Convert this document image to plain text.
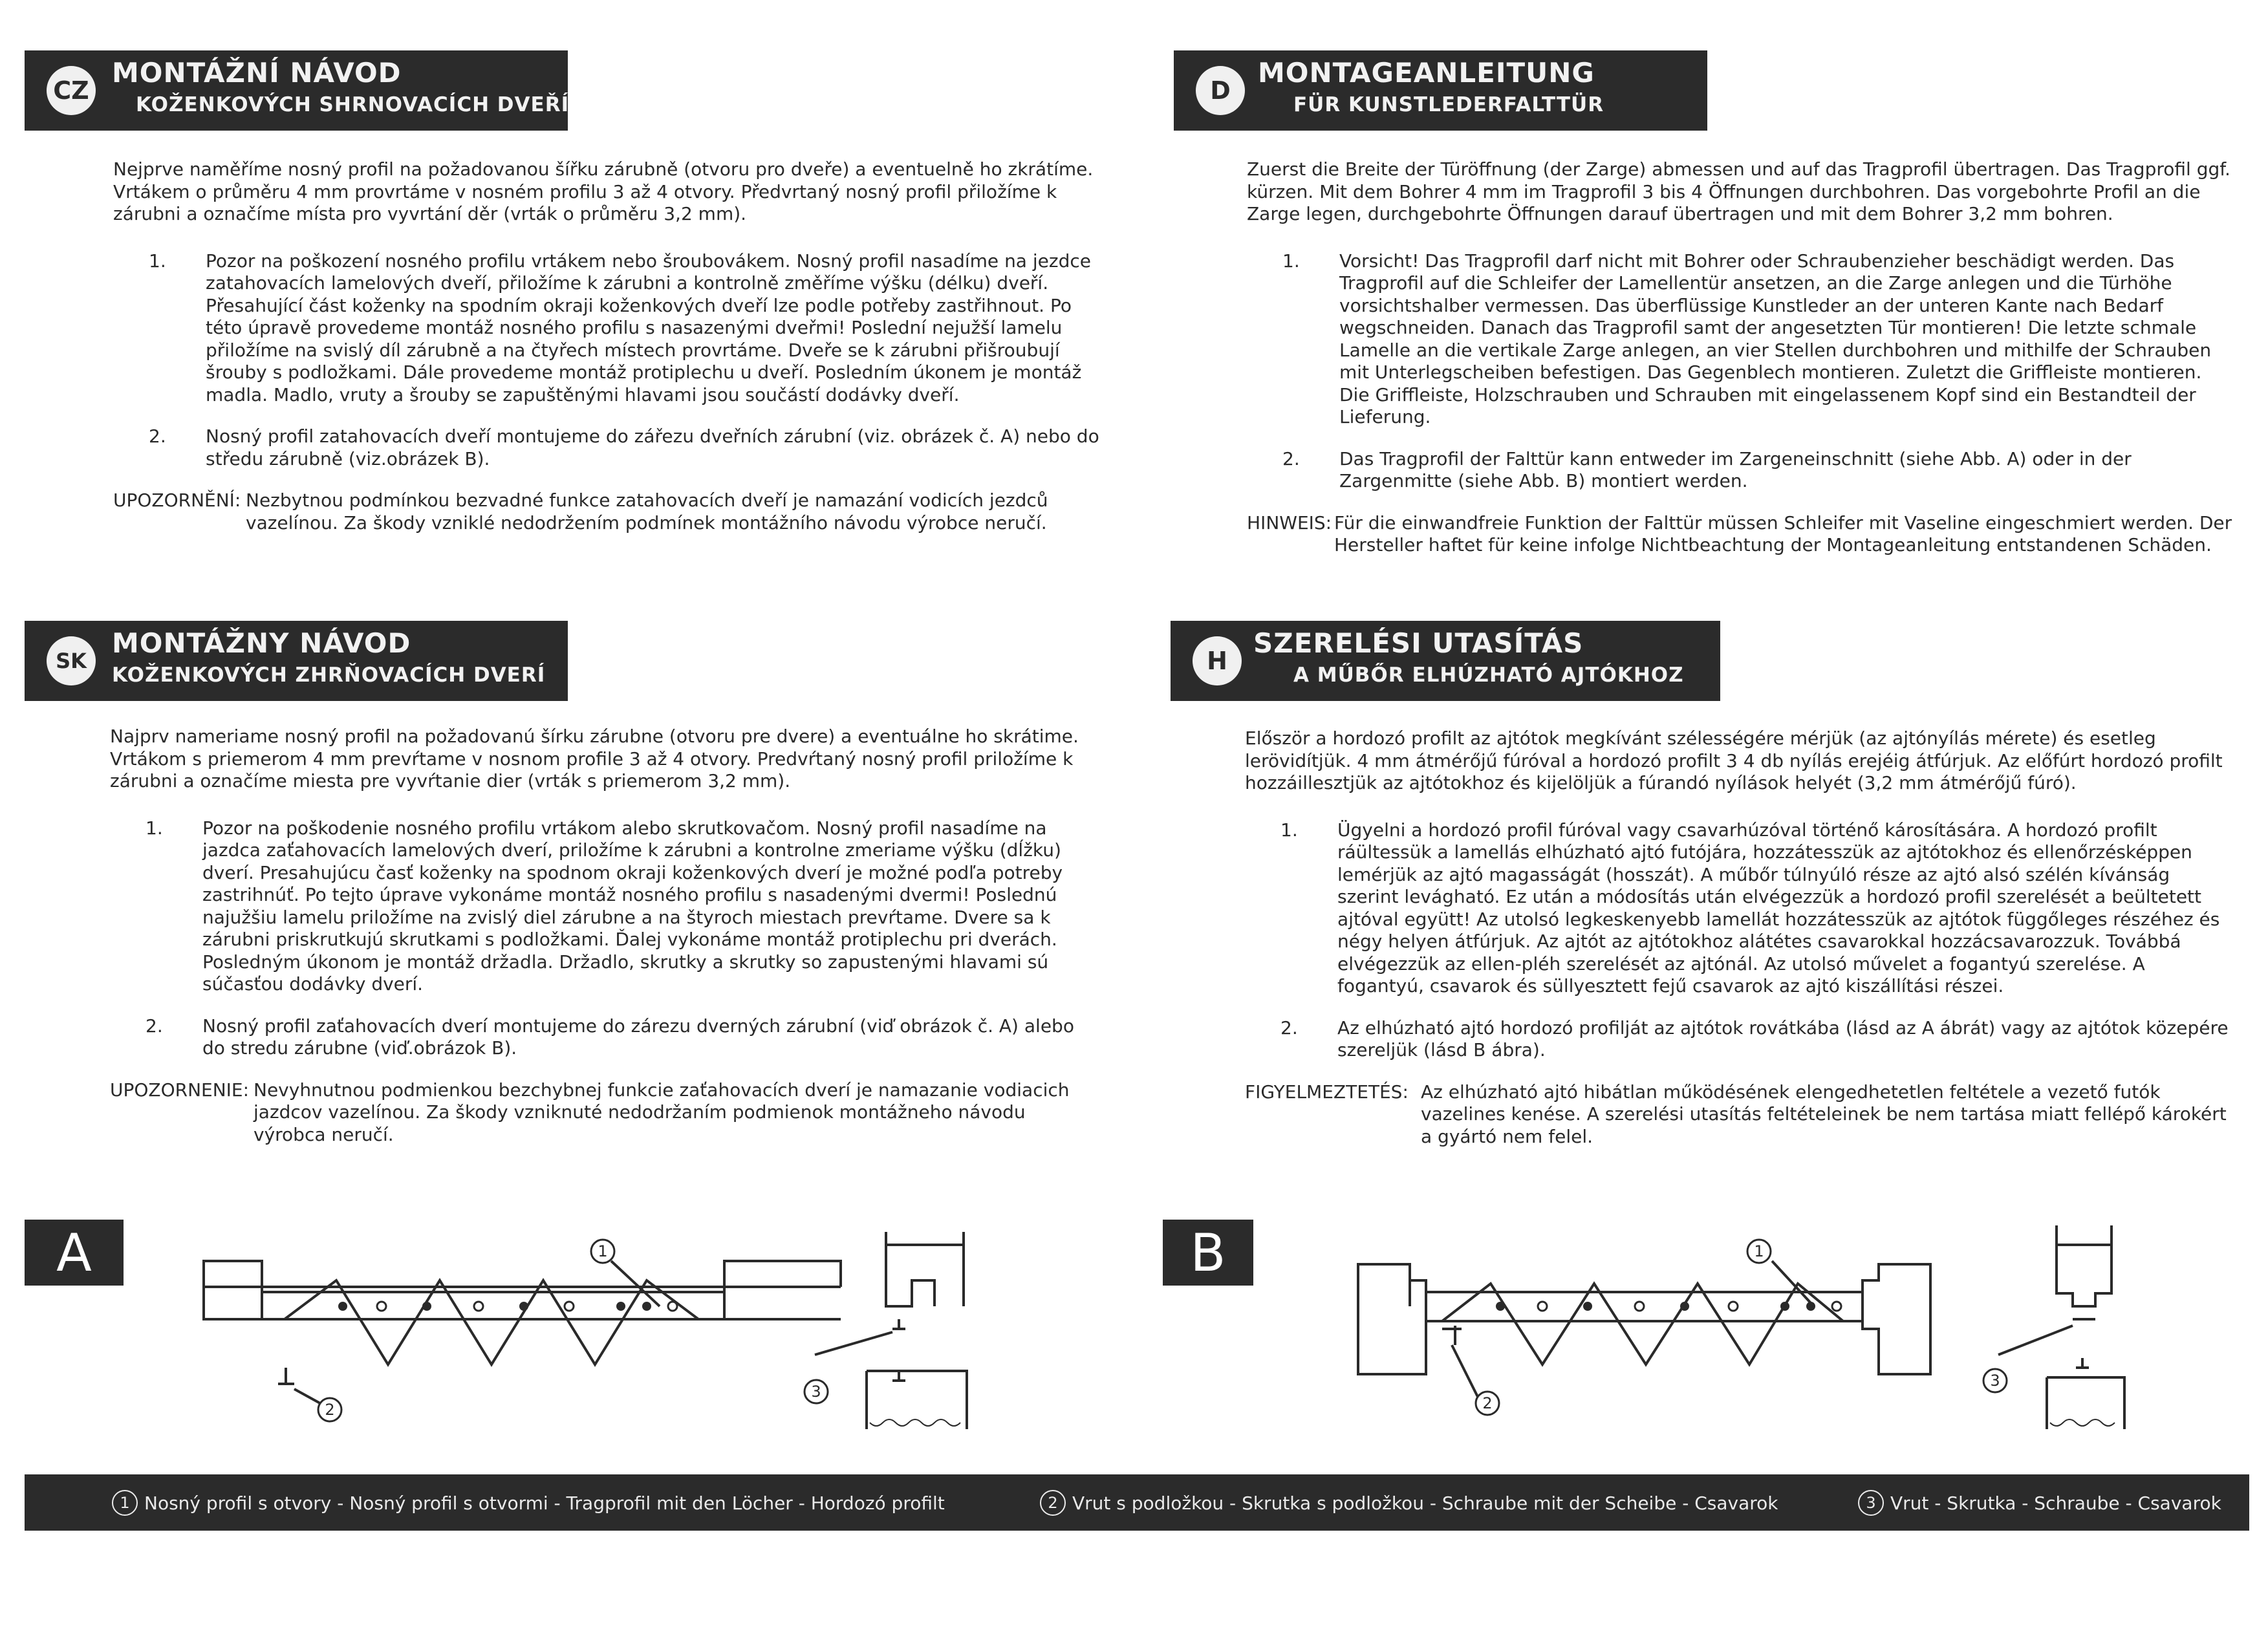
CZ
MONTÁŽNÍ NÁVOD
KOŽENKOVÝCH SHRNOVACÍCH DVEŘÍ

Nejprve naměříme nosný profil na požadovanou šířku zárubně (otvoru pro dveře) a eventuelně ho zkrátíme. Vrtákem o průměru 4 mm provrtáme v nosném profilu 3 až 4 otvory. Předvrtaný nosný profil přiložíme k zárubni a označíme místa pro vyvrtání děr (vrták o průměru 3,2 mm).

1. Pozor na poškození nosného profilu vrtákem nebo šroubovákem. Nosný profil nasadíme na jezdce zatahovacích lamelových dveří, přiložíme k zárubni a kontrolně změříme výšku (délku) dveří. Přesahující část koženky na spodním okraji koženkových dveří lze podle potřeby zastřihnout. Po této úpravě provedeme montáž nosného profilu s nasazenými dveřmi! Poslední nejužší lamelu přiložíme na svislý díl zárubně a na čtyřech místech provrtáme. Dveře se k zárubni přišroubují šrouby s podložkami. Dále provedeme montáž protiplechu u dveří. Posledním úkonem je montáž madla. Madlo, vruty a šrouby se zapuštěnými hlavami jsou součástí dodávky dveří.
2. Nosný profil zatahovacích dveří montujeme do zářezu dveřních zárubní (viz. obrázek č. A) nebo do středu zárubně (viz.obrázek B).
UPOZORNĚNÍ: Nezbytnou podmínkou bezvadné funkce zatahovacích dveří je namazání vodicích jezdců vazelínou. Za škody vzniklé nedodržením podmínek montážního návodu výrobce neručí.
D
MONTAGEANLEITUNG
FÜR KUNSTLEDERFALTTÜR

Zuerst die Breite der Türöffnung (der Zarge) abmessen und auf das Tragprofil übertragen. Das Tragprofil ggf. kürzen. Mit dem Bohrer 4 mm im Tragprofil 3 bis 4 Öffnungen durchbohren. Das vorgebohrte Profil an die Zarge legen, durchgebohrte Öffnungen darauf übertragen und mit dem Bohrer 3,2 mm bohren.

1. Vorsicht! Das Tragprofil darf nicht mit Bohrer oder Schraubenzieher beschädigt werden. Das Tragprofil auf die Schleifer der Lamellentür ansetzen, an die Zarge anlegen und die Türhöhe vorsichtshalber vermessen. Das überflüssige Kunstleder an der unteren Kante nach Bedarf wegschneiden. Danach das Tragprofil samt der angesetzten Tür montieren! Die letzte schmale Lamelle an die vertikale Zarge anlegen, an vier Stellen durchbohren und mithilfe der Schrauben mit Unterlegscheiben befestigen. Das Gegenblech montieren. Zuletzt die Griffleiste montieren. Die Griffleiste, Holzschrauben und Schrauben mit eingelassenem Kopf sind ein Bestandteil der Lieferung.
2. Das Tragprofil der Falttür kann entweder im Zargeneinschnitt (siehe Abb. A) oder in der Zargenmitte (siehe Abb. B) montiert werden.
HINWEIS: Für die einwandfreie Funktion der Falttür müssen Schleifer mit Vaseline eingeschmiert werden. Der Hersteller haftet für keine infolge Nichtbeachtung der Montageanleitung entstandenen Schäden.
SK
MONTÁŽNY NÁVOD
KOŽENKOVÝCH ZHRŇOVACÍCH DVERÍ

Najprv nameriame nosný profil na požadovanú šírku zárubne (otvoru pre dvere) a eventuálne ho skrátime. Vrtákom s priemerom 4 mm prevŕtame v nosnom profile 3 až 4 otvory. Predvŕtaný nosný profil priložíme k zárubni a označíme miesta pre vyvŕtanie dier (vrták s priemerom 3,2 mm).

1. Pozor na poškodenie nosného profilu vrtákom alebo skrutkovačom. Nosný profil nasadíme na jazdca zaťahovacích lamelových dverí, priložíme k zárubni a kontrolne zmeriame výšku (dĺžku) dverí. Presahujúcu časť koženky na spodnom okraji koženkových dverí je možné podľa potreby zastrihnúť. Po tejto úprave vykonáme montáž nosného profilu s nasadenými dvermi! Poslednú najužšiu lamelu priložíme na zvislý diel zárubne a na štyroch miestach prevŕtame. Dvere sa k zárubni priskrutkujú skrutkami s podložkami. Ďalej vykonáme montáž protiplechu pri dverách. Posledným úkonom je montáž držadla. Držadlo, skrutky a skrutky so zapustenými hlavami sú súčasťou dodávky dverí.
2. Nosný profil zaťahovacích dverí montujeme do zárezu dverných zárubní (viď obrázok č. A) alebo do stredu zárubne (viď.obrázok B).
UPOZORNENIE: Nevyhnutnou podmienkou bezchybnej funkcie zaťahovacích dverí je namazanie vodiacich jazdcov vazelínou. Za škody vzniknuté nedodržaním podmienok montážneho návodu výrobca neručí.
H
SZERELÉSI UTASÍTÁS
A MŰBŐR ELHÚZHATÓ AJTÓKHOZ

Először a hordozó profilt az ajtótok megkívánt szélességére mérjük (az ajtónyílás mérete) és esetleg lerövidítjük. 4 mm átmérőjű fúróval a hordozó profilt 3 4 db nyílás erejéig átfúrjuk. Az előfúrt hordozó profilt hozzáillesztjük az ajtótokhoz és kijelöljük a fúrandó nyílások helyét (3,2 mm átmérőjű fúró).

1. Ügyelni a hordozó profil fúróval vagy csavarhúzóval történő károsítására. A hordozó profilt ráültessük a lamellás elhúzható ajtó futójára, hozzátesszük az ajtótokhoz és ellenőrzésképpen lemérjük az ajtó magasságát (hosszát). A műbőr túlnyúló része az ajtó alsó szélén kívánság szerint levágható. Ez után a módosítás után elvégezzük a hordozó profil szerelését a beültetett ajtóval együtt! Az utolsó legkeskenyebb lamellát hozzátesszük az ajtótok függőleges részéhez és négy helyen átfúrjuk. Az ajtót az ajtótokhoz alátétes csavarokkal hozzácsavarozzuk. Továbbá elvégezzük az ellen-pléh szerelését az ajtónál. Az utolsó művelet a fogantyú szerelése. A fogantyú, csavarok és süllyesztett fejű csavarok az ajtó kiszállítási részei.
2. Az elhúzható ajtó hordozó profilját az ajtótok rovátkába (lásd az A ábrát) vagy az ajtótok közepére szereljük (lásd B ábra).
FIGYELMEZTETÉS: Az elhúzható ajtó hibátlan működésének elengedhetetlen feltétele a vezető futók vazelines kenése. A szerelési utasítás feltételeinek be nem tartása miatt fellépő károkért a gyártó nem felel.
A	B
1
2
3
1
2
3
1 Nosný profil s otvory - Nosný profil s otvormi - Tragprofil mit den Löcher - Hordozó profilt	2 Vrut s podložkou - Skrutka s podložkou - Schraube mit der Scheibe - Csavarok	3 Vrut - Skrutka - Schraube - Csavarok
